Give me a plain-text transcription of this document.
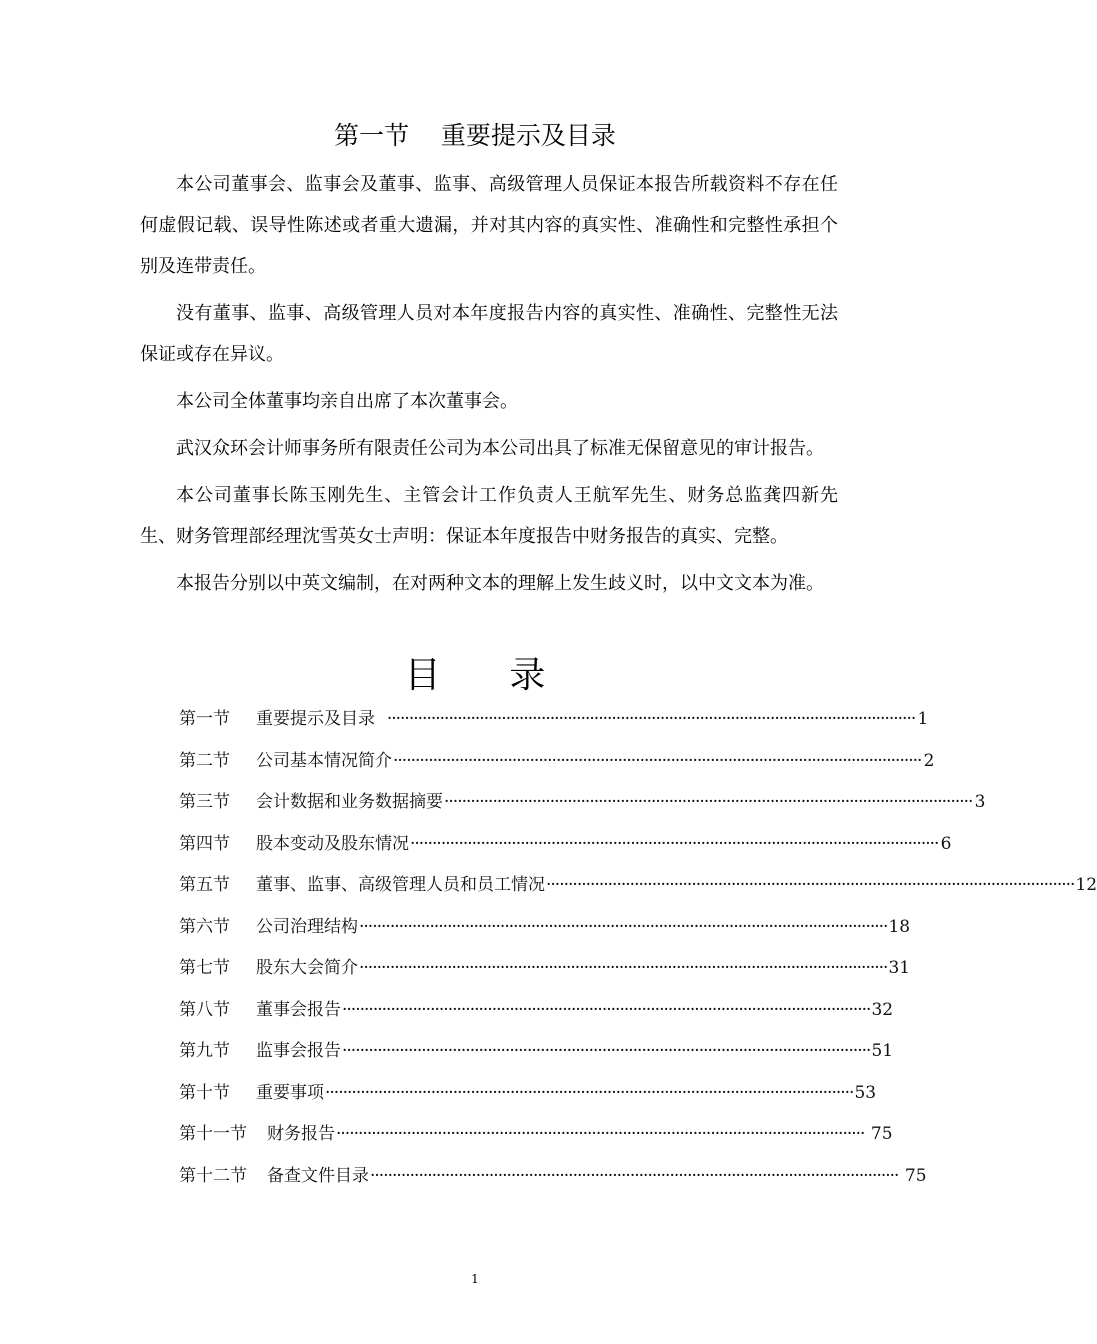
第一节    重要提示及目录

本公司董事会、监事会及董事、监事、高级管理人员保证本报告所载资料不存在任何虚假记载、误导性陈述或者重大遗漏，并对其内容的真实性、准确性和完整性承担个别及连带责任。

没有董事、监事、高级管理人员对本年度报告内容的真实性、准确性、完整性无法保证或存在异议。

本公司全体董事均亲自出席了本次董事会。

武汉众环会计师事务所有限责任公司为本公司出具了标准无保留意见的审计报告。

本公司董事长陈玉刚先生、主管会计工作负责人王航军先生、财务总监龚四新先生、财务管理部经理沈雪英女士声明：保证本年度报告中财务报告的真实、完整。

本报告分别以中英文编制，在对两种文本的理解上发生歧义时，以中文文本为准。

目      录
第一节	重要提示及目录 ························································································································ 1
第二节	公司基本情况简介 ························································································································ 2
第三节	会计数据和业务数据摘要 ························································································································ 3
第四节	股本变动及股东情况 ························································································································ 6
第五节	董事、监事、高级管理人员和员工情况 ························································································································ 12
第六节	公司治理结构 ························································································································ 18
第七节	股东大会简介 ························································································································ 31
第八节	董事会报告 ························································································································ 32
第九节	监事会报告 ························································································································ 51
第十节	重要事项 ························································································································ 53
第十一节	财务报告 ························································································································ 75
第十二节	备查文件目录 ························································································································ 75
1
